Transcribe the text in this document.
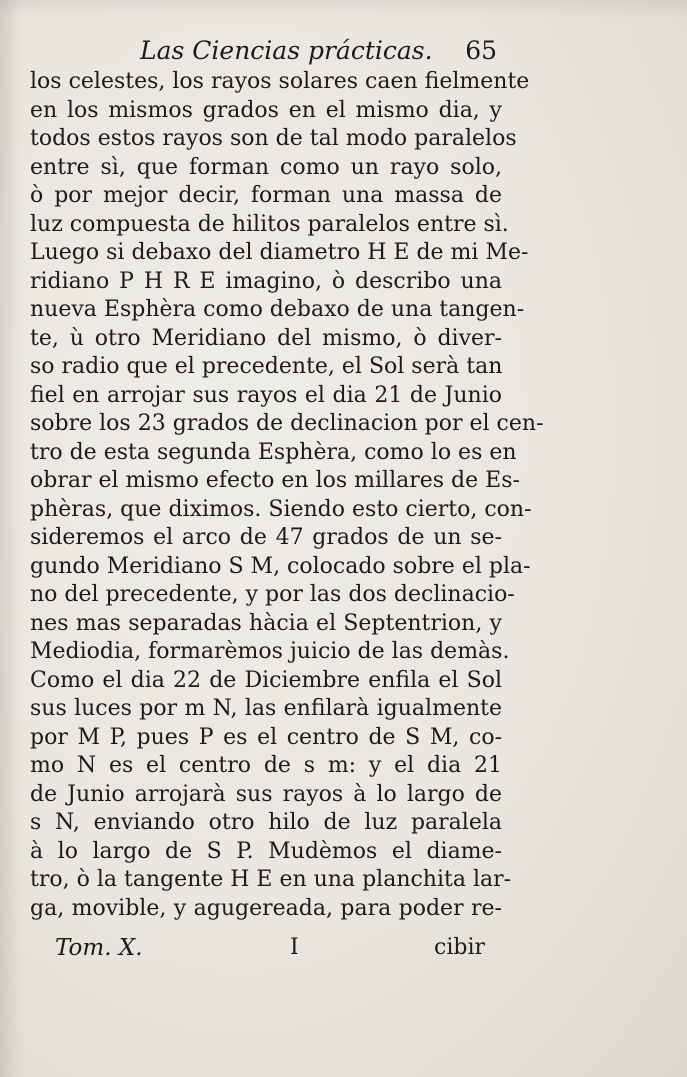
Las Ciencias prácticas. 65
los celestes, los rayos solares caen fielmente
en los mismos grados en el mismo dia, y
todos estos rayos son de tal modo paralelos
entre sì, que forman como un rayo solo,
ò por mejor decir, forman una massa de
luz compuesta de hilitos paralelos entre sì.
Luego si debaxo del diametro H E de mi Me-
ridiano P H R E imagino, ò describo una
nueva Esphèra como debaxo de una tangen-
te, ù otro Meridiano del mismo, ò diver-
so radio que el precedente, el Sol serà tan
fiel en arrojar sus rayos el dia 21 de Junio
sobre los 23 grados de declinacion por el cen-
tro de esta segunda Esphèra, como lo es en
obrar el mismo efecto en los millares de Es-
phèras, que diximos. Siendo esto cierto, con-
sideremos el arco de 47 grados de un se-
gundo Meridiano S M, colocado sobre el pla-
no del precedente, y por las dos declinacio-
nes mas separadas hàcia el Septentrion, y
Mediodia, formarèmos juicio de las demàs.
Como el dia 22 de Diciembre enfila el Sol
sus luces por m N, las enfilarà igualmente
por M P, pues P es el centro de S M, co-
mo N es el centro de s m: y el dia 21
de Junio arrojarà sus rayos à lo largo de
s N, enviando otro hilo de luz paralela
à lo largo de S P. Mudèmos el diame-
tro, ò la tangente H E en una planchita lar-
ga, movible, y agugereada, para poder re-
Tom. X.	I	cibir
